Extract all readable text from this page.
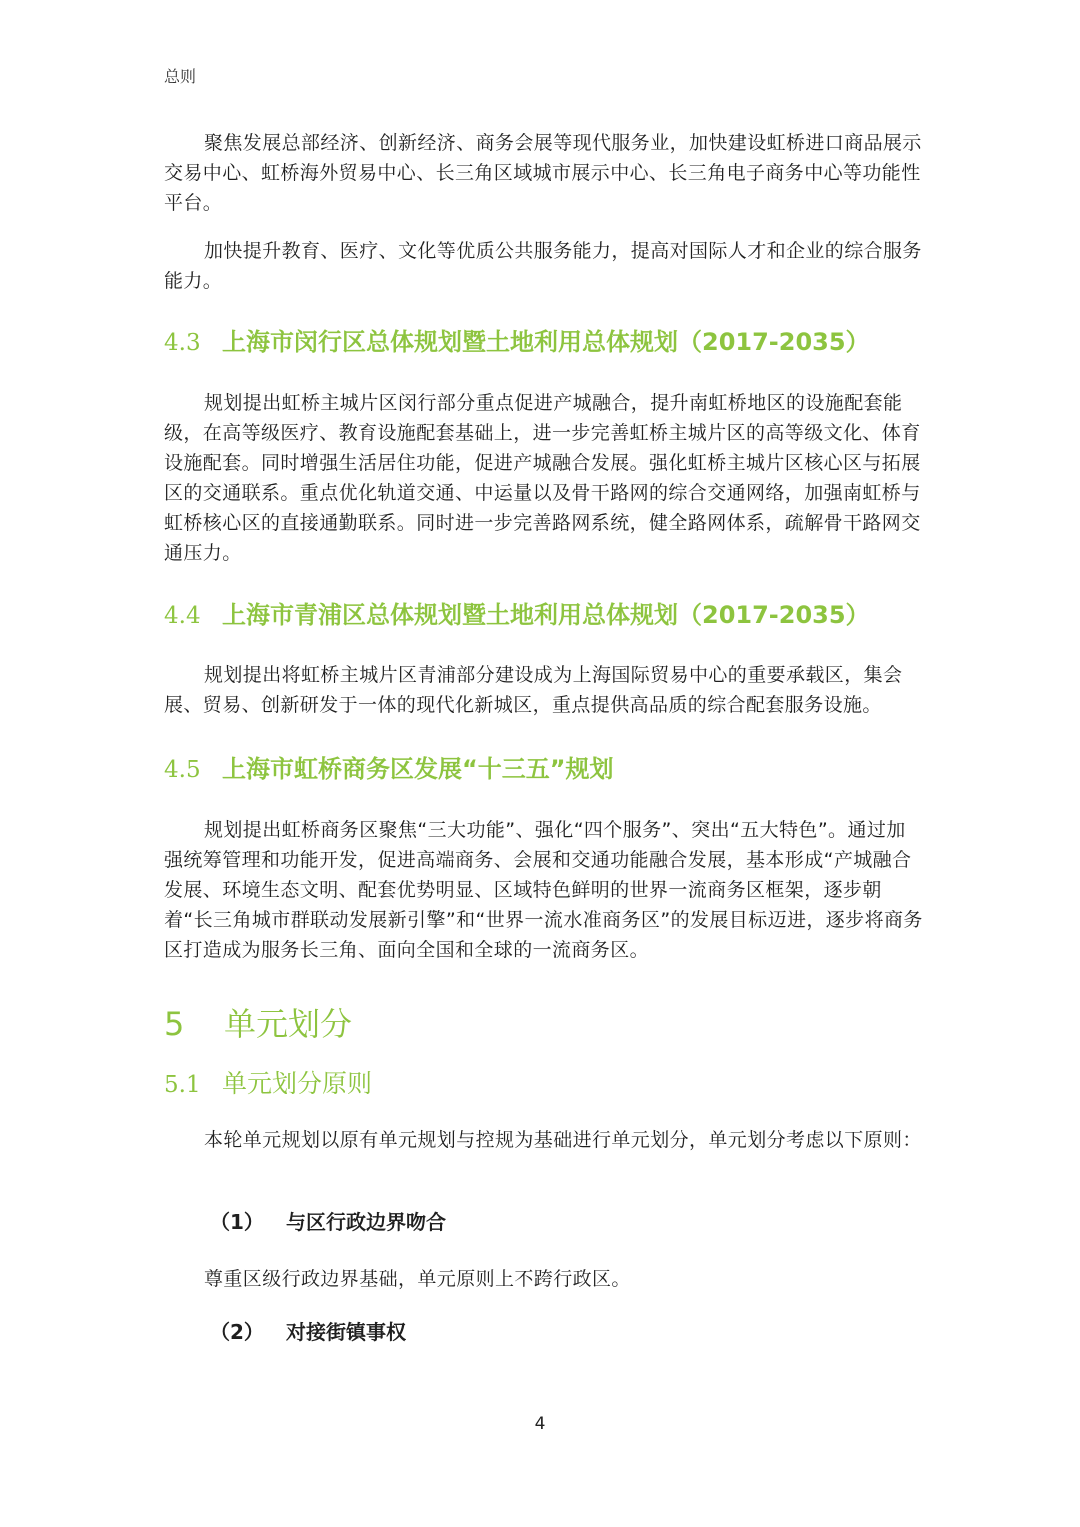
总则

聚焦发展总部经济、创新经济、商务会展等现代服务业，加快建设虹桥进口商品展示交易中心、虹桥海外贸易中心、长三角区域城市展示中心、长三角电子商务中心等功能性平台。

加快提升教育、医疗、文化等优质公共服务能力，提高对国际人才和企业的综合服务能力。

4.3 上海市闵行区总体规划暨土地利用总体规划（2017-2035）

规划提出虹桥主城片区闵行部分重点促进产城融合，提升南虹桥地区的设施配套能级，在高等级医疗、教育设施配套基础上，进一步完善虹桥主城片区的高等级文化、体育设施配套。同时增强生活居住功能，促进产城融合发展。强化虹桥主城片区核心区与拓展区的交通联系。重点优化轨道交通、中运量以及骨干路网的综合交通网络，加强南虹桥与虹桥核心区的直接通勤联系。同时进一步完善路网系统，健全路网体系，疏解骨干路网交通压力。

4.4 上海市青浦区总体规划暨土地利用总体规划（2017-2035）

规划提出将虹桥主城片区青浦部分建设成为上海国际贸易中心的重要承载区，集会展、贸易、创新研发于一体的现代化新城区，重点提供高品质的综合配套服务设施。

4.5 上海市虹桥商务区发展“十三五”规划

规划提出虹桥商务区聚焦“三大功能”、强化“四个服务”、突出“五大特色”。通过加强统筹管理和功能开发，促进高端商务、会展和交通功能融合发展，基本形成“产城融合发展、环境生态文明、配套优势明显、区域特色鲜明的世界一流商务区框架，逐步朝着“长三角城市群联动发展新引擎”和“世界一流水准商务区”的发展目标迈进，逐步将商务区打造成为服务长三角、面向全国和全球的一流商务区。

5 单元划分
5.1 单元划分原则

本轮单元规划以原有单元规划与控规为基础进行单元划分，单元划分考虑以下原则：

（1） 与区行政边界吻合

尊重区级行政边界基础，单元原则上不跨行政区。

（2） 对接街镇事权
4
